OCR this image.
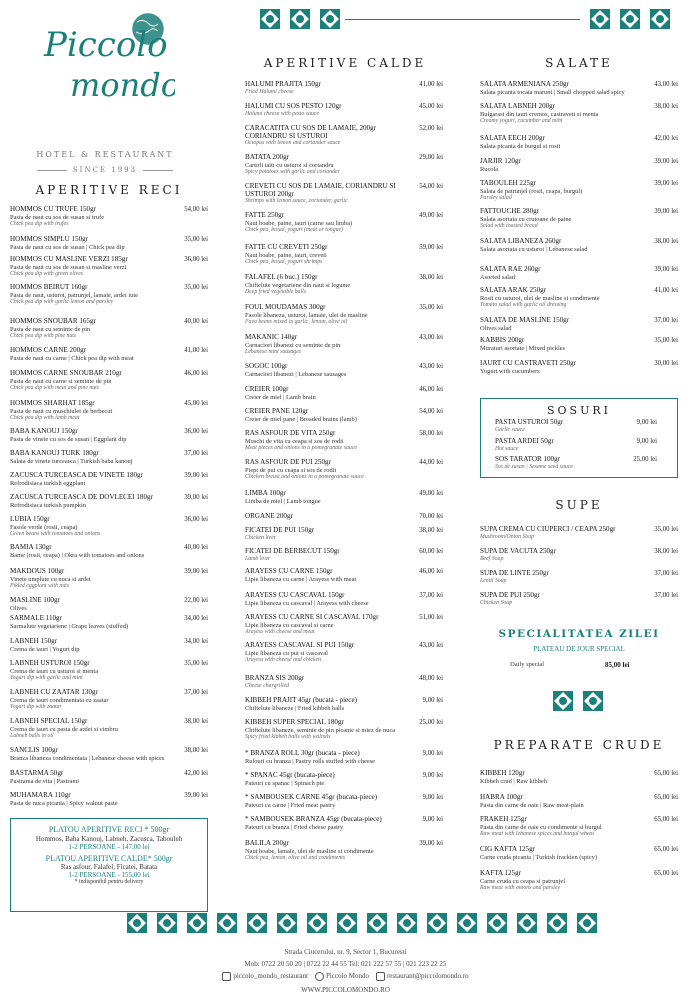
Piccolo
mondo
HOTEL & RESTAURANT
SINCE 1993
APERITIVE RECI
APERITIVE CALDE	SALATE
HOMMOS CU TRUFE 150gr	54,00 lei
Pasta de naut cu sos de susan si trufe
Chick pea dip with trufes
HOMMOS SIMPLU 150gr	35,00 lei
Pasta de naut cu sos de susan | Chick pea dip
HOMMOS CU MASLINE VERZI 185gr	36,00 lei
Pasta de naut cu sos de susan si masline verzi
Chick pea dip with green olives
HOMMOS BEIRUT 160gr	35,00 lei
Pasta de naut, usturoi, patrunjel, lamaie, ardei iute
Chick pea dip with garlic lemon and parsley
HOMMOS SNOUBAR 165gr	40,00 lei
Pasta de naut cu seminte de pin
Chick pea dip with pine nuts
HOMMOS CARNE 200gr	41,00 lei
Pasta de naut cu carne | Chick pea dip with meat
HOMMOS CARNE SNOUBAR 210gr	46,00 lei
Pasta de naut cu carne si seminte de pin
Chick pea dip with meat and pine nuts
HOMMOS SHARHAT 185gr	45,00 lei
Pasta de naut cu muschiulet de berbecut
Chick pea dip with lamb meat
BABA KANOUJ 150gr	36,00 lei
Pasta de vinete cu sos de susan | Eggplant dip
BABA KANOUJ TURK 180gr	37,00 lei
Salata de vinete turceasca | Turkish baba kanouj
ZACUSCA TURCEASCA DE VINETE 180gr	39,00 lei
Refrodisiaca turkish eggplant
ZACUSCA TURCEASCA DE DOVLECEI 180gr	39,00 lei
Refrodisiaca turkish pumpkin
LUBIA 150gr	36,00 lei
Fasole verde (rosii, ceapa)
Green beans with tomatoes and onions
BAMIA 130gr	40,00 lei
Bame (rosii, ceapa) | Okra with tomatoes and onions
MAKDOUS 100gr	39,00 lei
Vinete umplute cu nuca si ardei
Pikled eggplant with nuts
MASLINE 100gr	22,00 lei
Olives
SARMALE 110gr	34,00 lei
Sarmalute vegetariene | Grape leaves (stuffed)
LABNEH 150gr	34,00 lei
Crema de iaurt | Yogurt dip
LABNEH USTUROI 150gr	35,00 lei
Crema de iaurt cu usturoi si menta
Yogurt dip with garlic and mint
LABNEH CU ZAATAR 130gr	37,00 lei
Crema de iaurt condimentata cu zaatar
Yogurt dip with zaatar
LABNEH SPECIAL 150gr	38,00 lei
Crema de iaurt cu pasta de ardei si cimbru
Labneh balls in oil
SANCLIS 100gr	38,00 lei
Branza libaneza condimentata | Lebanese cheese with spices
BASTARMA 50gr	42,00 lei
Pastrama de vita | Pastrami
MUHAMARA 110gr	39,00 lei
Pasta de nuca picanta | Spicy walnut paste
HALUMI PRAJITA 150gr	41,00 lei
Fried Halumi cheese
HALUMI CU SOS PESTO 120gr	45,00 lei
Halumi cheese with pesto sauce
CARACATITA CU SOS DE LAMAIE, 200gr CORIANDRU SI USTUROI
52,00 lei
Octopus with lemon and coriander sauce
BATATA 200gr	29,00 lei
Cartofi taiti cu usturoi si coriandru
Spicy potatoes with garlic and coriander
CREVETI CU SOS DE LAMAIE, CORIANDRU SI USTUROI 200gr
54,00 lei
Shrimps with lemon sauce, coriander, garlic
FATTE 250gr	49,00 lei
Naut boabe, paine, iaurt (carne sau limba)
Chick pea, bread, yogurt (meat or tongue)
FATTE CU CREVETI 250gr	59,00 lei
Naut boabe, paine, iaurt, creveti
Chick pea, bread, yogurt shrimps
FALAFEL (6 buc.) 150gr	38,00 lei
Chiftelute vegetariene din naut si legume
Deep fried vegetable balls
FOUL MOUDAMAS 300gr	35,00 lei
Fasole libaneza, usturoi, lamaie, ulei de masline
Fava beans mixed in garlic, lemon, olive oil
MAKANIC 140gr	43,00 lei
Carnaciori libanezi cu seminte de pin
Lebanese mini sausages
SOGOC 100gr	43,00 lei
Carnaciori libanezi | Lebanese sausages
CREIER 100gr	46,00 lei
Creier de miel | Lamb brain
CREIER PANE 120gr	54,00 lei
Creier de miel pane | Breaded brains (lamb)
RAS ASFOUR DE VITA 250gr	58,00 lei
Muschi de vita cu ceapa si sos de rodii
Meat pieces and onions in a pomegranate sauce
RAS ASFOUR DE PUI 250gr	44,00 lei
Piept de pui cu ceapa si sos de rodii
Chicken breast and onions in a pomegranate sauce
LIMBA 100gr	49,00 lei
Limba de miel | Lamb tongue
ORGANE 200gr	70,00 lei
FICATEI DE PUI 150gr	38,00 lei
Chicken liver
FICATEI DE BERBECUT 150gr	60,00 lei
Lamb liver
ARAYESS CU CARNE 150gr	46,00 lei
Lipie libaneza cu carne | Arayess with meat
ARAYESS CU CASCAVAL 150gr	37,00 lei
Lipie libaneza cu cascaval | Arayess with cheese
ARAYESS CU CARNE SI CASCAVAL 170gr	51,00 lei
Lipie libaneza cu cascaval si carne
Arayess with cheese and meat
ARAYESS CASCAVAL SI PUI 150gr	43,00 lei
Lipie libaneza cu pui si cascaval
Arayess with cheese and chicken
BRANZA SIS 200gr	48,00 lei
Cheese chargrilled
KIBBEH PRAJIT 45gr (bucata - piece)	9,00 lei
Chiftelute libaneze | Fried kibbeh balls
KIBBEH SUPER SPECIAL 180gr	25,00 lei
Chiftelute libaneze, seminte de pin picante si miez de nuca
Spicy fried kibbeh balls with walnuts
* BRANZA ROLL 30gr (bucata - piece)	9,00 lei
Rulouri cu branza | Pastry rolls stuffed with cheese
* SPANAC 45gr (bucata-piece)	9,00 lei
Pateuri cu spanac | Spinach pie
* SAMBOUSEK CARNE 45gr (bucata-piece)	9,00 lei
Pateuri cu carne | Fried meat pastry
* SAMBOUSEK BRANZA 45gr (bucata-piece)	9,00 lei
Pateuri cu branza | Fried cheese pastry
BALILA 200gr	39,00 lei
Naut boabe, lamaie, ulei de masline si condimente
Chick pea, lemon, olive oil and condiments
SALATA ARMENIANA 250gr	43,00 lei
Salata picanta tocata marunt | Small chopped salad spicy
SALATA LABNEH 200gr	38,00 lei
Bulgarasi din iaurt cremos, castraveti si menta
Creamy yogurt, cucumber and mint
SALATA EECH 200gr	42,00 lei
Salata picanta de burgul si rosii
JARJIR 120gr	39,00 lei
Rucola
TABOULEH 225gr	39,00 lei
Salata de patrunjel (rosii, ceapa, burgul)
Parsley salad
FATTOUCHE 280gr	39,00 lei
Salata asortata cu crutoane de paine
Salad with toasted bread
SALATA LIBANEZA 260gr	38,00 lei
Salata asortata cu usturoi | Lebanese salad
SALATA RAE 260gr	39,00 lei
Asorted salad
SALATA ARAK 250gr	41,00 lei
Rosii cu usturoi, ulei de masline si condimente
Tomato salad with garlic oil dressing
SALATA DE MASLINE 150gr	37,00 lei
Olives salad
KABBIS 200gr	35,00 lei
Muraturi asortate | Mixed pickles
IAURT CU CASTRAVETI 250gr	30,00 lei
Yogurt with cucumbers
PLATOU APERITIVE RECI * 500gr
Hommos, Baba Kanouj, Labneh, Zacusca, Tabouleh
1-2 PERSOANE - 147,00 lei
PLATOU APERITIVE CALDE* 500gr
Ras asfour, Falafel, Ficatei, Batata
1-2 PERSOANE - 155,00 lei
* indisponibil pentru delivery
SOSURI
PASTA USTUROI 50gr	9,00 lei
Garlic sauce
PASTA ARDEI 50gr	9,00 lei
Hot sauce
SOS TARATOR 100gr	25,00 lei
Sos de susan | Sesame seed sauce
SUPE
SUPA CREMA CU CIUPERCI / CEAPA 250gr	35,00 lei
Mushroom/Onion Soup
SUPA DE VACUTA 250gr	38,00 lei
Beef Soup
SUPA DE LINTE 250gr	37,00 lei
Lentil Soup
SUPA DE PUI 250gr	37,00 lei
Chicken Soup
SPECIALITATEA ZILEI
PLATEAU DE JOUR SPECIAL
Daily special	85,00 lei
PREPARATE CRUDE
KIBBEH 120gr	65,00 lei
Kibbeh crud | Raw kibbeh
HABRA 100gr	65,00 lei
Pasta din carne de oaie | Raw meat-plain
FRAKEH 125gr	65,00 lei
Pasta din carne de oaie cu condimente si burgul
Raw meat with lebanese spices and burgul wheat
CIG KAFTA 125gr	65,00 lei
Carne cruda picanta | Turkish frackien (spicy)
KAFTA 125gr	65,00 lei
Carne cruda cu ceapa si patrunjel
Raw meat with onions and parsley
Strada Ciucerului, nr. 9, Sector 1, Bucuresti
Mob: 0722 20 50 20 | 0722 22 44 55 Tel: 021 222 57 55 | 021 223 22 25
piccolo_mondo_restaurant	Piccolo Mondo	restaurant@piccolomondo.ro
WWW.PICCOLOMONDO.RO
